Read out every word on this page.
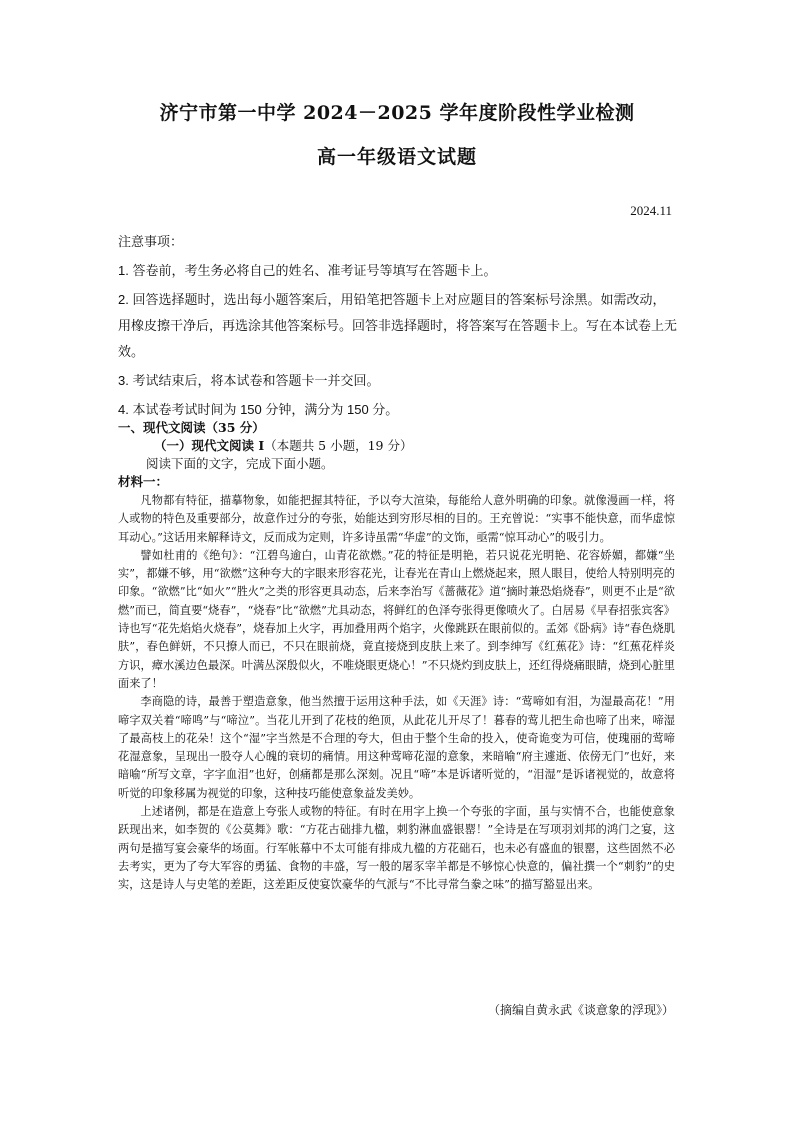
济宁市第一中学 2024－2025 学年度阶段性学业检测
高一年级语文试题
2024.11

注意事项：

1. 答卷前，考生务必将自己的姓名、准考证号等填写在答题卡上。

2. 回答选择题时，选出每小题答案后，用铅笔把答题卡上对应题目的答案标号涂黑。如需改动，用橡皮擦干净后，再选涂其他答案标号。回答非选择题时，将答案写在答题卡上。写在本试卷上无效。

3. 考试结束后，将本试卷和答题卡一并交回。

4. 本试卷考试时间为 150 分钟，满分为 150 分。

一、现代文阅读（35 分）

（一）现代文阅读 I（本题共 5 小题，19 分）

阅读下面的文字，完成下面小题。

材料一：

凡物都有特征，描摹物象，如能把握其特征，予以夸大渲染，每能给人意外明确的印象。就像漫画一样，将人或物的特色及重要部分，故意作过分的夸张，始能达到穷形尽相的目的。王充曾说：“实事不能快意，而华虚惊耳动心。”这话用来解释诗文，反而成为定则，许多诗虽需“华虚”的文饰，亟需“惊耳动心”的吸引力。

譬如杜甫的《绝句》：“江碧鸟逾白，山青花欲燃。”花的特征是明艳，若只说花光明艳、花容娇媚，都嫌“坐实”，都嫌不够，用“欲燃”这种夸大的字眼来形容花光，让春光在青山上燃烧起来，照人眼目，使给人特别明亮的印象。“欲燃”比“如火”“胜火”之类的形容更具动态，后来李治写《蔷薇花》道“摘时兼恐焰烧春”，则更不止是“欲燃”而已，简直要“烧春”，“烧春”比“欲燃”尤具动态，将鲜红的色泽夸张得更像喷火了。白居易《早春招张宾客》诗也写“花先焰焰火烧春”，烧春加上火字，再加叠用两个焰字，火像跳跃在眼前似的。孟郊《卧病》诗“春色烧肌肤”，春色鲜妍，不只撩人而已，不只在眼前烧，竟直接烧到皮肤上来了。到李绅写《红蕉花》诗：“红蕉花样炎方识，瘴水溪边色最深。叶满丛深殷似火，不唯烧眼更烧心！”不只烧灼到皮肤上，还红得烧痛眼睛，烧到心脏里面来了！

李商隐的诗，最善于塑造意象，他当然擅于运用这种手法，如《天涯》诗：“莺啼如有泪，为湿最高花！”用啼字双关着“啼鸣”与“啼泣”。当花儿开到了花枝的绝顶，从此花儿开尽了！暮春的莺儿把生命也啼了出来，啼湿了最高枝上的花朵！这个“湿”字当然是不合理的夸大，但由于整个生命的投入，使奇诡变为可信，使瑰丽的莺啼花湿意象，呈现出一股夺人心魄的衰切的痛情。用这种莺啼花湿的意象，来暗喻“府主遽逝、依傍无门”也好，来暗喻“所写文章，字字血泪”也好，创痛都是那么深刻。况且“啼”本是诉诸听觉的，“泪湿”是诉诸视觉的，故意将听觉的印象移属为视觉的印象，这种技巧能使意象益发美妙。

上述诸例，都是在造意上夸张人或物的特征。有时在用字上换一个夸张的字面，虽与实情不合，也能使意象跃现出来，如李贺的《公莫舞》歌：“方花古础排九楹，刺豹淋血盛银罂！”全诗是在写项羽刘邦的鸿门之宴，这两句是描写宴会豪华的场面。行军帐幕中不太可能有排成九楹的方花础石，也未必有盛血的银罂，这些固然不必去考实，更为了夸大军容的勇猛、食物的丰盛，写一般的屠豕宰羊都是不够惊心快意的，偏社撰一个“刺豹”的史实，这是诗人与史笔的差距，这差距反使宴饮豪华的气派与“不比寻常刍豢之味”的描写豁显出来。

（摘编自黄永武《谈意象的浮现》）
